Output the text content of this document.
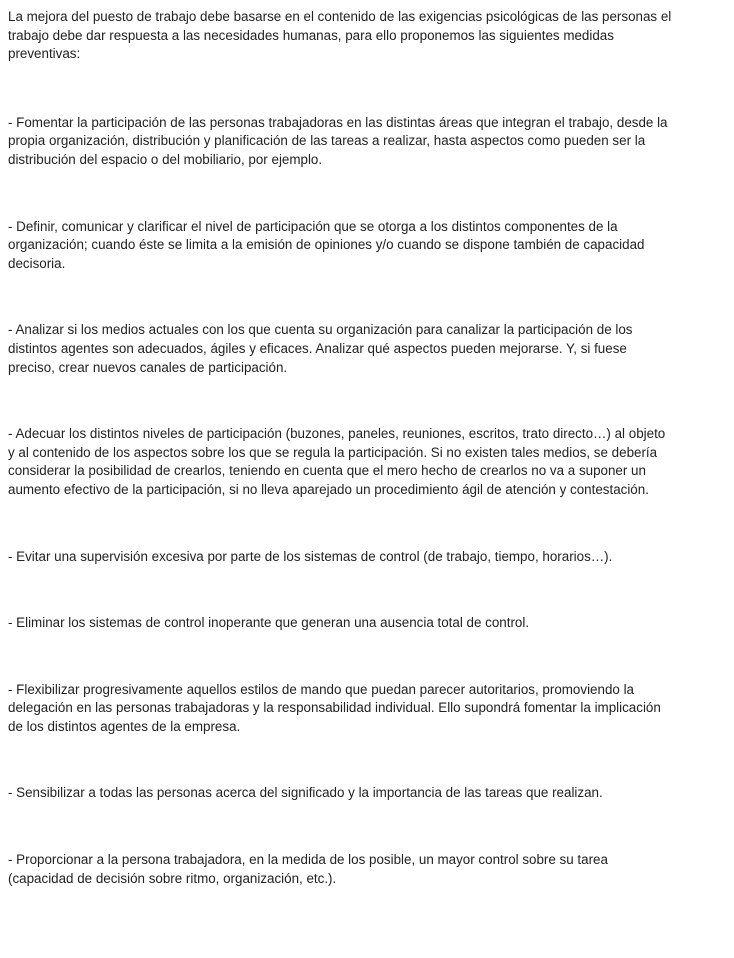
La mejora del puesto de trabajo debe basarse en el contenido de las exigencias psicológicas de las personas el trabajo debe dar respuesta a las necesidades humanas, para ello proponemos las siguientes medidas preventivas:

- Fomentar la participación de las personas trabajadoras en las distintas áreas que integran el trabajo, desde la propia organización, distribución y planificación de las tareas a realizar, hasta aspectos como pueden ser la distribución del espacio o del mobiliario, por ejemplo.

- Definir, comunicar y clarificar el nivel de participación que se otorga a los distintos componentes de la organización; cuando éste se limita a la emisión de opiniones y/o cuando se dispone también de capacidad decisoria.

- Analizar si los medios actuales con los que cuenta su organización para canalizar la participación de los distintos agentes son adecuados, ágiles y eficaces. Analizar qué aspectos pueden mejorarse. Y, si fuese preciso, crear nuevos canales de participación.

- Adecuar los distintos niveles de participación (buzones, paneles, reuniones, escritos, trato directo…) al objeto y al contenido de los aspectos sobre los que se regula la participación. Si no existen tales medios, se debería considerar la posibilidad de crearlos, teniendo en cuenta que el mero hecho de crearlos no va a suponer un aumento efectivo de la participación, si no lleva aparejado un procedimiento ágil de atención y contestación.

- Evitar una supervisión excesiva por parte de los sistemas de control (de trabajo, tiempo, horarios…).

- Eliminar los sistemas de control inoperante que generan una ausencia total de control.

- Flexibilizar progresivamente aquellos estilos de mando que puedan parecer autoritarios, promoviendo la delegación en las personas trabajadoras y la responsabilidad individual. Ello supondrá fomentar la implicación de los distintos agentes de la empresa.

- Sensibilizar a todas las personas acerca del significado y la importancia de las tareas que realizan.

- Proporcionar a la persona trabajadora, en la medida de los posible, un mayor control sobre su tarea (capacidad de decisión sobre ritmo, organización, etc.).
